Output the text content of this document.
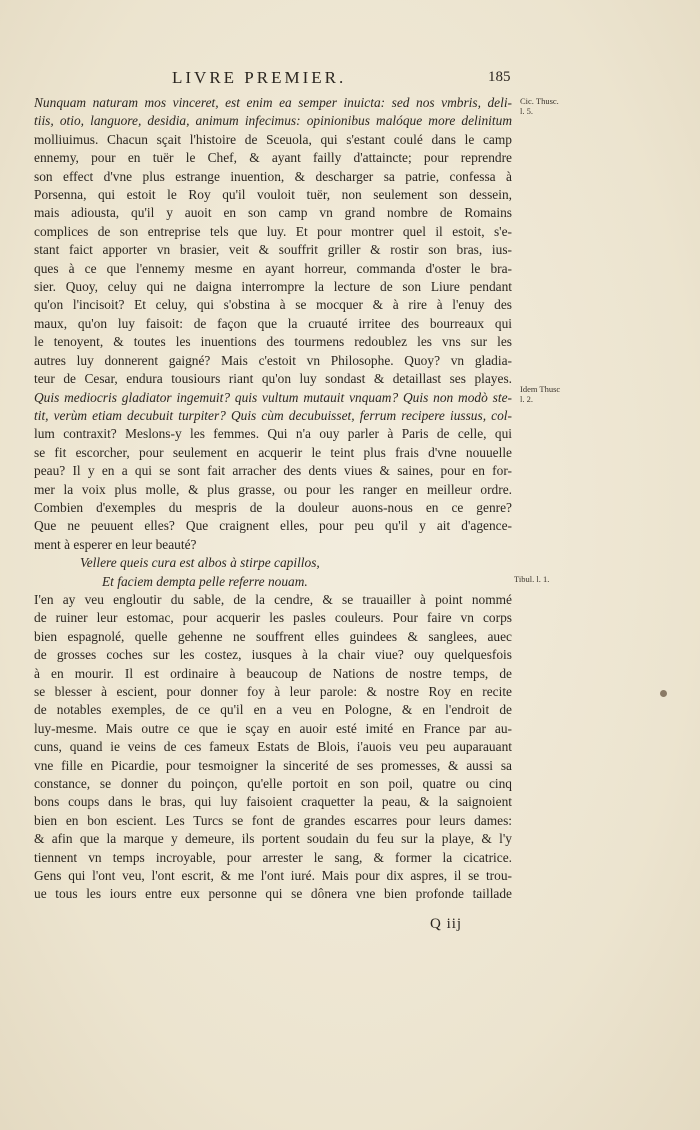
LIVRE PREMIER.	185
Cic. Thusc. l. 5.
Idem Thusc l. 2.
Tibul. l. 1.
Nunquam naturam mos vinceret, est enim ea semper inuicta: sed nos vmbris, deli-
tiis, otio, languore, desidia, animum infecimus: opinionibus malóque more delinitum
molliuimus. Chacun sçait l'histoire de Sceuola, qui s'estant coulé dans le camp
ennemy, pour en tuër le Chef, & ayant failly d'attaincte; pour reprendre
son effect d'vne plus estrange inuention, & descharger sa patrie, confessa à
Porsenna, qui estoit le Roy qu'il vouloit tuër, non seulement son dessein,
mais adiousta, qu'il y auoit en son camp vn grand nombre de Romains
complices de son entreprise tels que luy. Et pour montrer quel il estoit, s'e-
stant faict apporter vn brasier, veit & souffrit griller & rostir son bras, ius-
ques à ce que l'ennemy mesme en ayant horreur, commanda d'oster le bra-
sier. Quoy, celuy qui ne daigna interrompre la lecture de son Liure pendant
qu'on l'incisoit? Et celuy, qui s'obstina à se mocquer & à rire à l'enuy des
maux, qu'on luy faisoit: de façon que la cruauté irritee des bourreaux qui
le tenoyent, & toutes les inuentions des tourmens redoublez les vns sur les
autres luy donnerent gaigné? Mais c'estoit vn Philosophe. Quoy? vn gladia-
teur de Cesar, endura tousiours riant qu'on luy sondast & detaillast ses playes.
Quis mediocris gladiator ingemuit? quis vultum mutauit vnquam? Quis non modò ste-
tit, verùm etiam decubuit turpiter? Quis cùm decubuisset, ferrum recipere iussus, col-
lum contraxit? Meslons-y les femmes. Qui n'a ouy parler à Paris de celle, qui
se fit escorcher, pour seulement en acquerir le teint plus frais d'vne nouuelle
peau? Il y en a qui se sont fait arracher des dents viues & saines, pour en for-
mer la voix plus molle, & plus grasse, ou pour les ranger en meilleur ordre.
Combien d'exemples du mespris de la douleur auons-nous en ce genre?
Que ne peuuent elles? Que craignent elles, pour peu qu'il y ait d'agence-
ment à esperer en leur beauté?
Vellere queis cura est albos à stirpe capillos,
Et faciem dempta pelle referre nouam.
I'en ay veu engloutir du sable, de la cendre, & se trauailler à point nommé
de ruiner leur estomac, pour acquerir les pasles couleurs. Pour faire vn corps
bien espagnolé, quelle gehenne ne souffrent elles guindees & sanglees, auec
de grosses coches sur les costez, iusques à la chair viue? ouy quelquesfois
à en mourir. Il est ordinaire à beaucoup de Nations de nostre temps, de
se blesser à escient, pour donner foy à leur parole: & nostre Roy en recite
de notables exemples, de ce qu'il en a veu en Pologne, & en l'endroit de
luy-mesme. Mais outre ce que ie sçay en auoir esté imité en France par au-
cuns, quand ie veins de ces fameux Estats de Blois, i'auois veu peu auparauant
vne fille en Picardie, pour tesmoigner la sincerité de ses promesses, & aussi sa
constance, se donner du poinçon, qu'elle portoit en son poil, quatre ou cinq
bons coups dans le bras, qui luy faisoient craquetter la peau, & la saignoient
bien en bon escient. Les Turcs se font de grandes escarres pour leurs dames:
& afin que la marque y demeure, ils portent soudain du feu sur la playe, & l'y
tiennent vn temps incroyable, pour arrester le sang, & former la cicatrice.
Gens qui l'ont veu, l'ont escrit, & me l'ont iuré. Mais pour dix aspres, il se trou-
ue tous les iours entre eux personne qui se dônera vne bien profonde taillade
Q iij
